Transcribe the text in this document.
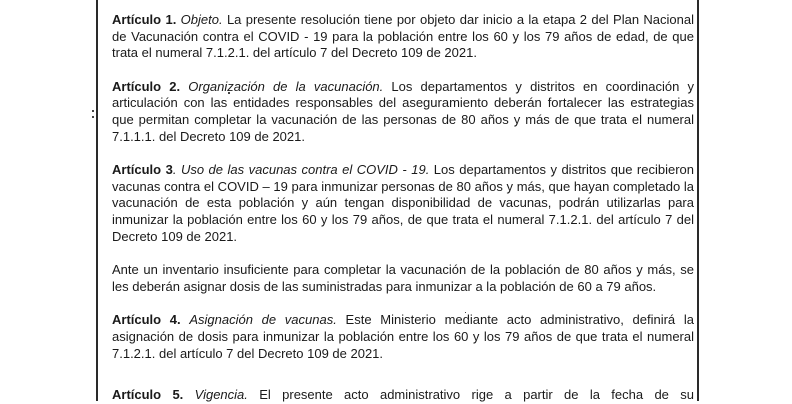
Artículo 1. Objeto. La presente resolución tiene por objeto dar inicio a la etapa 2 del Plan Nacional de Vacunación contra el COVID - 19 para la población entre los 60 y los 79 años de edad, de que trata el numeral 7.1.2.1. del artículo 7 del Decreto 109 de 2021.

Artículo 2. Organización de la vacunación. Los departamentos y distritos en coordinación y articulación con las entidades responsables del aseguramiento deberán fortalecer las estrategias que permitan completar la vacunación de las personas de 80 años y más de que trata el numeral 7.1.1.1. del Decreto 109 de 2021.

Artículo 3. Uso de las vacunas contra el COVID - 19. Los departamentos y distritos que recibieron vacunas contra el COVID – 19 para inmunizar personas de 80 años y más, que hayan completado la vacunación de esta población y aún tengan disponibilidad de vacunas, podrán utilizarlas para inmunizar la población entre los 60 y los 79 años, de que trata el numeral 7.1.2.1. del artículo 7 del Decreto 109 de 2021.

Ante un inventario insuficiente para completar la vacunación de la población de 80 años y más, se les deberán asignar dosis de las suministradas para inmunizar a la población de 60 a 79 años.

Artículo 4. Asignación de vacunas. Este Ministerio mediante acto administrativo, definirá la asignación de dosis para inmunizar la población entre los 60 y los 79 años de que trata el numeral 7.1.2.1. del artículo 7 del Decreto 109 de 2021.

Artículo 5. Vigencia. El presente acto administrativo rige a partir de la fecha de su
